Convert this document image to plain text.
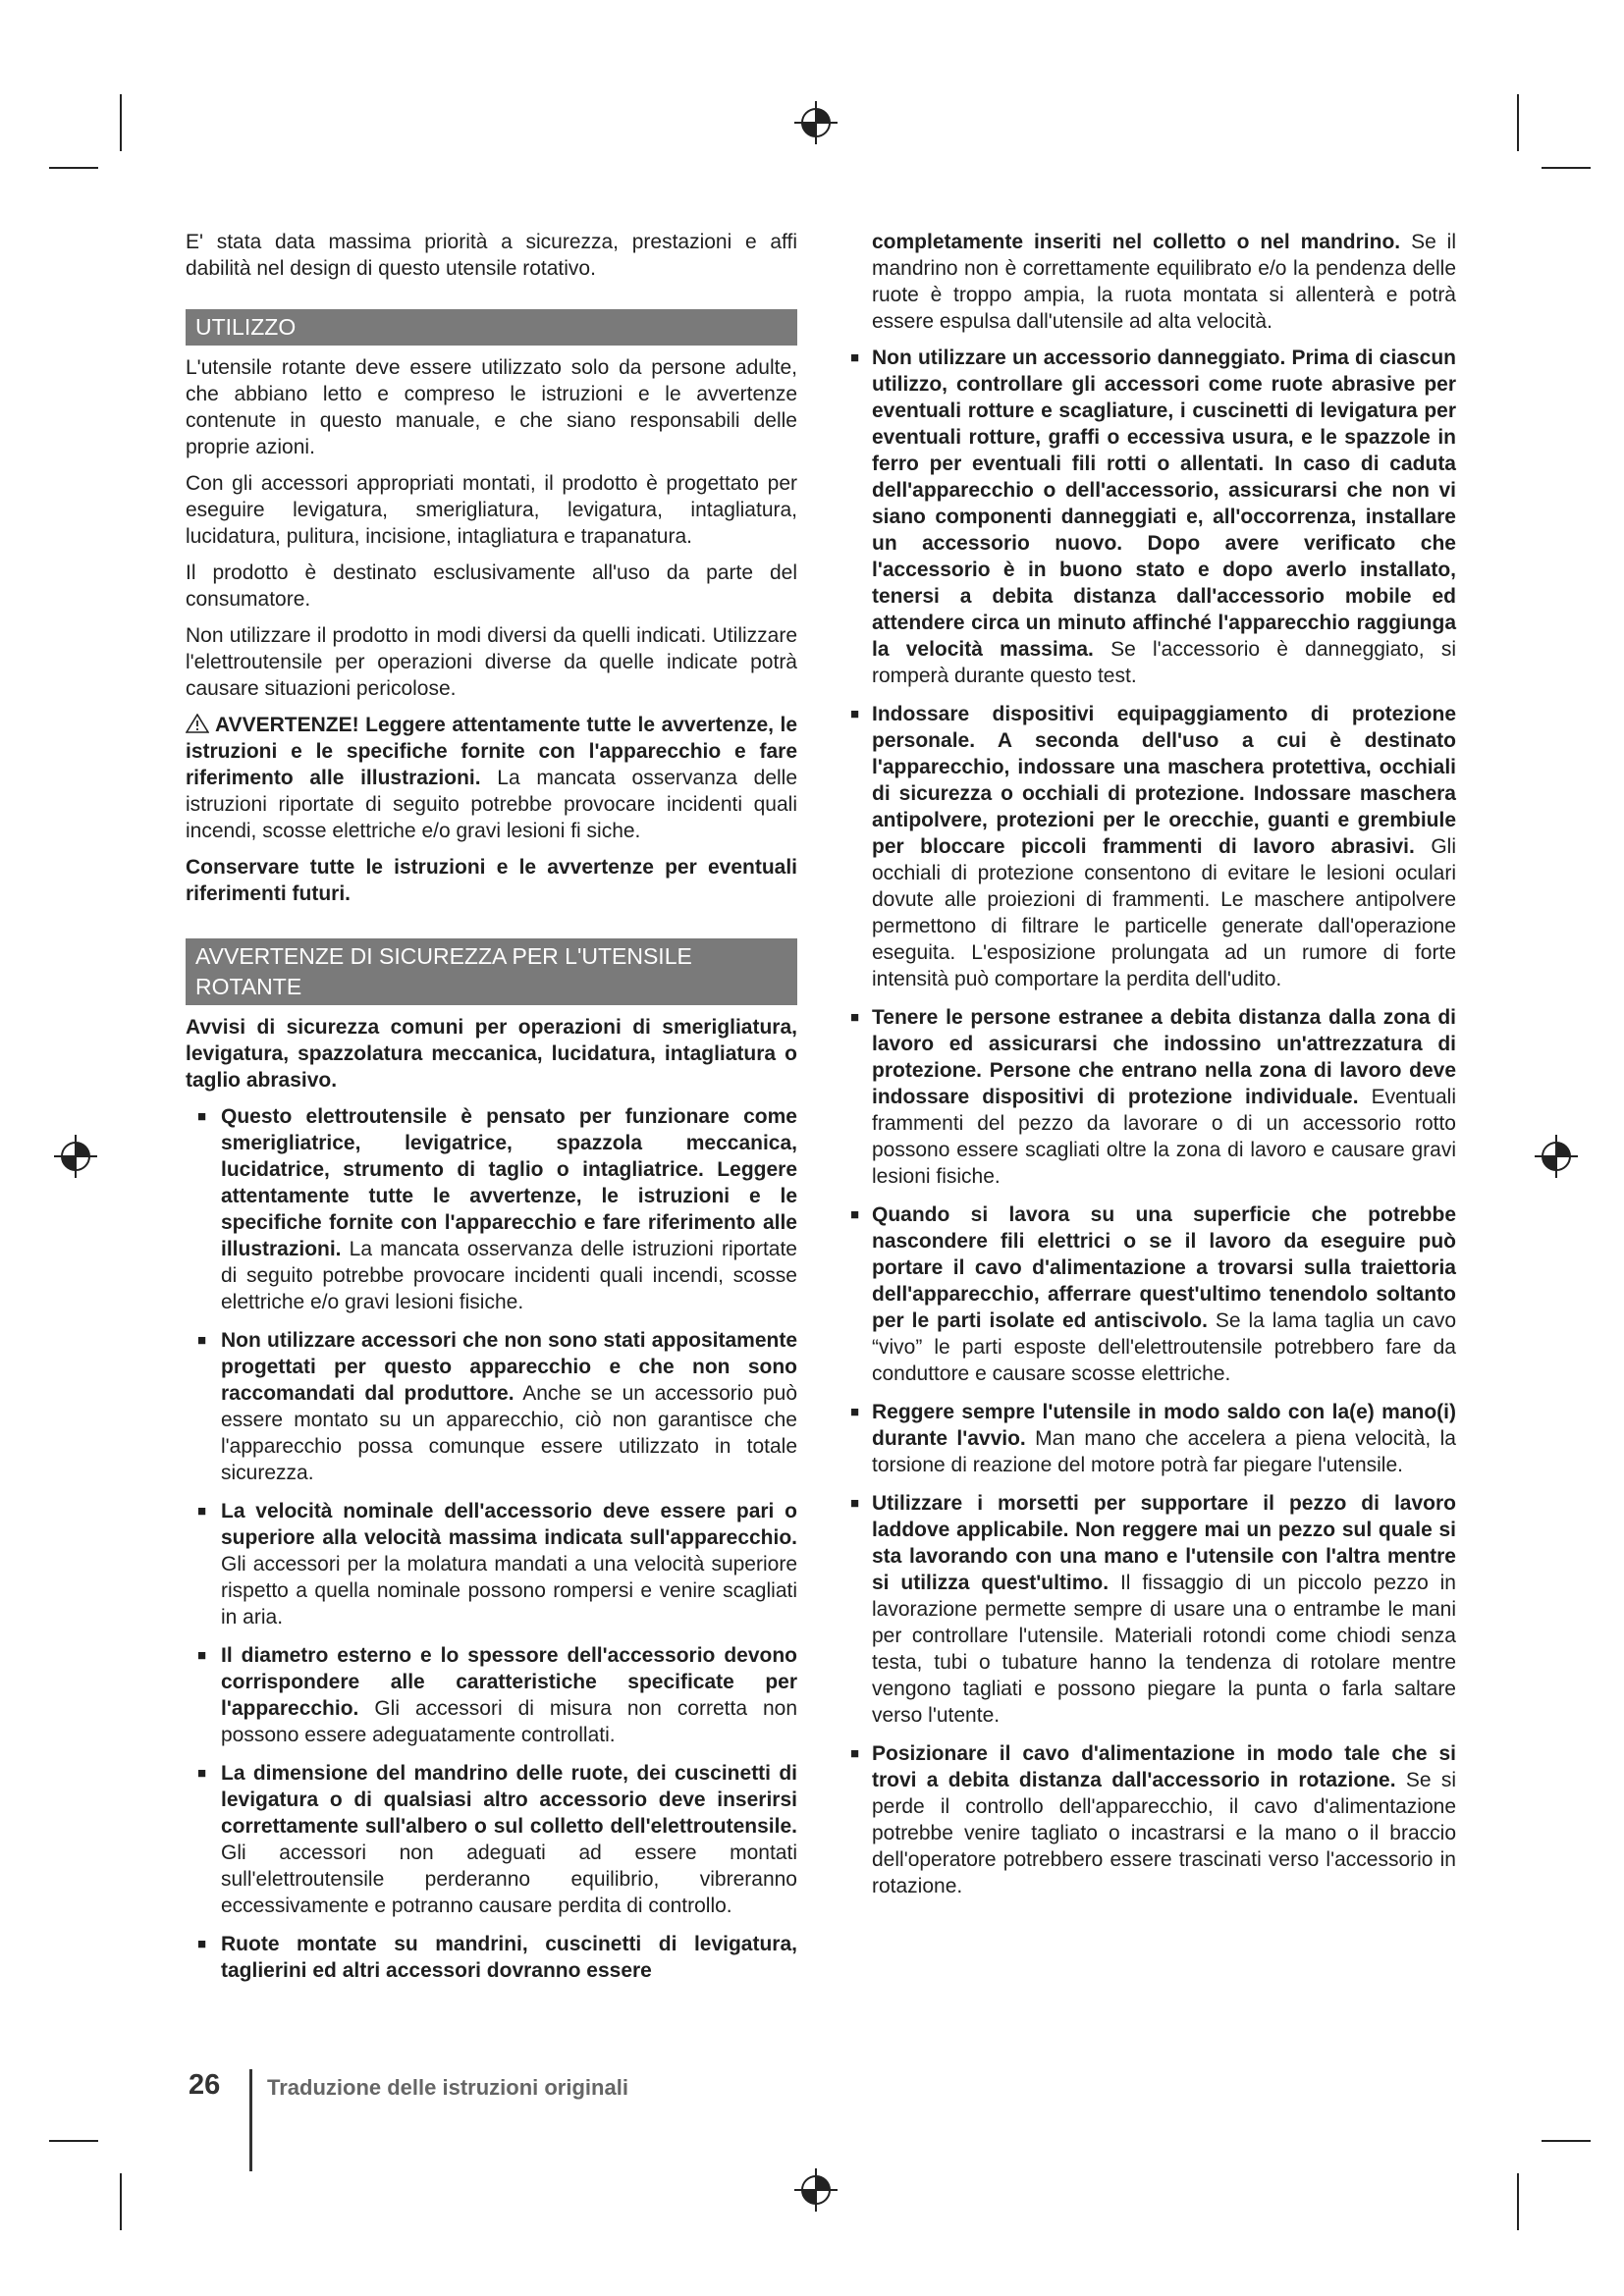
E' stata data massima priorità a sicurezza, prestazioni e affi dabilità nel design di questo utensile rotativo.

UTILIZZO

L'utensile rotante deve essere utilizzato solo da persone adulte, che abbiano letto e compreso le istruzioni e le avvertenze contenute in questo manuale, e che siano responsabili delle proprie azioni.

Con gli accessori appropriati montati, il prodotto è progettato per eseguire levigatura, smerigliatura, levigatura, intagliatura, lucidatura, pulitura, incisione, intagliatura e trapanatura.

Il prodotto è destinato esclusivamente all'uso da parte del consumatore.

Non utilizzare il prodotto in modi diversi da quelli indicati. Utilizzare l'elettroutensile per operazioni diverse da quelle indicate potrà causare situazioni pericolose.

AVVERTENZE! Leggere attentamente tutte le avvertenze, le istruzioni e le specifiche fornite con l'apparecchio e fare riferimento alle illustrazioni. La mancata osservanza delle istruzioni riportate di seguito potrebbe provocare incidenti quali incendi, scosse elettriche e/o gravi lesioni fi siche.

Conservare tutte le istruzioni e le avvertenze per eventuali riferimenti futuri.

AVVERTENZE DI SICUREZZA PER L'UTENSILE ROTANTE

Avvisi di sicurezza comuni per operazioni di smerigliatura, levigatura, spazzolatura meccanica, lucidatura, intagliatura o taglio abrasivo.

■ Questo elettroutensile è pensato per funzionare come smerigliatrice, levigatrice, spazzola meccanica, lucidatrice, strumento di taglio o intagliatrice. Leggere attentamente tutte le avvertenze, le istruzioni e le specifiche fornite con l'apparecchio e fare riferimento alle illustrazioni. La mancata osservanza delle istruzioni riportate di seguito potrebbe provocare incidenti quali incendi, scosse elettriche e/o gravi lesioni fisiche.
■ Non utilizzare accessori che non sono stati appositamente progettati per questo apparecchio e che non sono raccomandati dal produttore. Anche se un accessorio può essere montato su un apparecchio, ciò non garantisce che l'apparecchio possa comunque essere utilizzato in totale sicurezza.
■ La velocità nominale dell'accessorio deve essere pari o superiore alla velocità massima indicata sull'apparecchio. Gli accessori per la molatura mandati a una velocità superiore rispetto a quella nominale possono rompersi e venire scagliati in aria.
■ Il diametro esterno e lo spessore dell'accessorio devono corrispondere alle caratteristiche specificate per l'apparecchio. Gli accessori di misura non corretta non possono essere adeguatamente controllati.
■ La dimensione del mandrino delle ruote, dei cuscinetti di levigatura o di qualsiasi altro accessorio deve inserirsi correttamente sull'albero o sul colletto dell'elettroutensile. Gli accessori non adeguati ad essere montati sull'elettroutensile perderanno equilibrio, vibreranno eccessivamente e potranno causare perdita di controllo.
■ Ruote montate su mandrini, cuscinetti di levigatura, taglierini ed altri accessori dovranno essere

completamente inseriti nel colletto o nel mandrino. Se il mandrino non è correttamente equilibrato e/o la pendenza delle ruote è troppo ampia, la ruota montata si allenterà e potrà essere espulsa dall'utensile ad alta velocità.

■ Non utilizzare un accessorio danneggiato. Prima di ciascun utilizzo, controllare gli accessori come ruote abrasive per eventuali rotture e scagliature, i cuscinetti di levigatura per eventuali rotture, graffi o eccessiva usura, e le spazzole in ferro per eventuali fili rotti o allentati. In caso di caduta dell'apparecchio o dell'accessorio, assicurarsi che non vi siano componenti danneggiati e, all'occorrenza, installare un accessorio nuovo. Dopo avere verificato che l'accessorio è in buono stato e dopo averlo installato, tenersi a debita distanza dall'accessorio mobile ed attendere circa un minuto affinché l'apparecchio raggiunga la velocità massima. Se l'accessorio è danneggiato, si romperà durante questo test.
■ Indossare dispositivi equipaggiamento di protezione personale. A seconda dell'uso a cui è destinato l'apparecchio, indossare una maschera protettiva, occhiali di sicurezza o occhiali di protezione. Indossare maschera antipolvere, protezioni per le orecchie, guanti e grembiule per bloccare piccoli frammenti di lavoro abrasivi. Gli occhiali di protezione consentono di evitare le lesioni oculari dovute alle proiezioni di frammenti. Le maschere antipolvere permettono di filtrare le particelle generate dall'operazione eseguita. L'esposizione prolungata ad un rumore di forte intensità può comportare la perdita dell'udito.
■ Tenere le persone estranee a debita distanza dalla zona di lavoro ed assicurarsi che indossino un'attrezzatura di protezione. Persone che entrano nella zona di lavoro deve indossare dispositivi di protezione individuale. Eventuali frammenti del pezzo da lavorare o di un accessorio rotto possono essere scagliati oltre la zona di lavoro e causare gravi lesioni fisiche.
■ Quando si lavora su una superficie che potrebbe nascondere fili elettrici o se il lavoro da eseguire può portare il cavo d'alimentazione a trovarsi sulla traiettoria dell'apparecchio, afferrare quest'ultimo tenendolo soltanto per le parti isolate ed antiscivolo. Se la lama taglia un cavo “vivo” le parti esposte dell'elettroutensile potrebbero fare da conduttore e causare scosse elettriche.
■ Reggere sempre l'utensile in modo saldo con la(e) mano(i) durante l'avvio. Man mano che accelera a piena velocità, la torsione di reazione del motore potrà far piegare l'utensile.
■ Utilizzare i morsetti per supportare il pezzo di lavoro laddove applicabile. Non reggere mai un pezzo sul quale si sta lavorando con una mano e l'utensile con l'altra mentre si utilizza quest'ultimo. Il fissaggio di un piccolo pezzo in lavorazione permette sempre di usare una o entrambe le mani per controllare l'utensile. Materiali rotondi come chiodi senza testa, tubi o tubature hanno la tendenza di rotolare mentre vengono tagliati e possono piegare la punta o farla saltare verso l'utente.
■ Posizionare il cavo d'alimentazione in modo tale che si trovi a debita distanza dall'accessorio in rotazione. Se si perde il controllo dell'apparecchio, il cavo d'alimentazione potrebbe venire tagliato o incastrarsi e la mano o il braccio dell'operatore potrebbero essere trascinati verso l'accessorio in rotazione.
26 Traduzione delle istruzioni originali
